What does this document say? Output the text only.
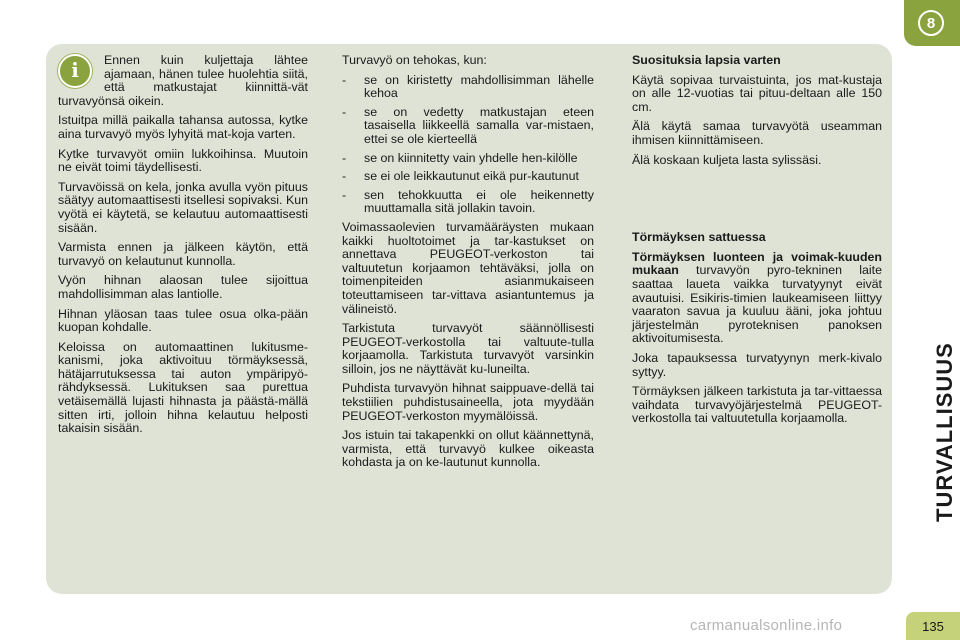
8
TURVALLISUUS
135
carmanualsonline.info
i	Ennen kuin kuljettaja lähtee ajamaan, hänen tulee huolehtia siitä, että matkustajat kiinnittä-vät turvavyönsä oikein.

Istuitpa millä paikalla tahansa autossa, kytke aina turvavyö myös lyhyitä mat-koja varten.

Kytke turvavyöt omiin lukkoihinsa. Muutoin ne eivät toimi täydellisesti.

Turvavöissä on kela, jonka avulla vyön pituus säätyy automaattisesti itsellesi sopivaksi. Kun vyötä ei käytetä, se kelautuu automaattisesti sisään.

Varmista ennen ja jälkeen käytön, että turvavyö on kelautunut kunnolla.

Vyön hihnan alaosan tulee sijoittua mahdollisimman alas lantiolle.

Hihnan yläosan taas tulee osua olka-pään kuopan kohdalle.

Keloissa on automaattinen lukitusme-kanismi, joka aktivoituu törmäyksessä, hätäjarrutuksessa tai auton ympäripyö-rähdyksessä. Lukituksen saa purettua vetäisemällä lujasti hihnasta ja päästä-mällä sitten irti, jolloin hihna kelautuu helposti takaisin sisään.

Turvavyö on tehokas, kun:

-	se on kiristetty mahdollisimman lähelle kehoa
-	se on vedetty matkustajan eteen tasaisella liikkeellä samalla var-mistaen, ettei se ole kierteellä
-	se on kiinnitetty vain yhdelle hen-kilölle
-	se ei ole leikkautunut eikä pur-kautunut
-	sen tehokkuutta ei ole heikennetty muuttamalla sitä jollakin tavoin.

Voimassaolevien turvamääräysten mukaan kaikki huoltotoimet ja tar-kastukset on annettava PEUGEOT-verkoston tai valtuutetun korjaamon tehtäväksi, jolla on toimenpiteiden asianmukaiseen toteuttamiseen tar-vittava asiantuntemus ja välineistö.

Tarkistuta turvavyöt säännöllisesti PEUGEOT-verkostolla tai valtuute-tulla korjaamolla. Tarkistuta turvavyöt varsinkin silloin, jos ne näyttävät ku-luneilta.

Puhdista turvavyön hihnat saippuave-dellä tai tekstiilien puhdistusaineella, jota myydään PEUGEOT-verkoston myymälöissä.

Jos istuin tai takapenkki on ollut käännettynä, varmista, että turvavyö kulkee oikeasta kohdasta ja on ke-lautunut kunnolla.

Suosituksia lapsia varten

Käytä sopivaa turvaistuinta, jos mat-kustaja on alle 12-vuotias tai pituu-deltaan alle 150 cm.

Älä käytä samaa turvavyötä useamman ihmisen kiinnittämiseen.

Älä koskaan kuljeta lasta sylissäsi.

Törmäyksen sattuessa

Törmäyksen luonteen ja voimak-kuuden mukaan turvavyön pyro-tekninen laite saattaa laueta vaikka turvatyynyt eivät avautuisi. Esikiris-timien laukeamiseen liittyy vaaraton savua ja kuuluu ääni, joka johtuu järjestelmän pyroteknisen panoksen aktivoitumisesta.

Joka tapauksessa turvatyynyn merk-kivalo syttyy.

Törmäyksen jälkeen tarkistuta ja tar-vittaessa vaihdata turvavyöjärjestelmä PEUGEOT-verkostolla tai valtuutetulla korjaamolla.
